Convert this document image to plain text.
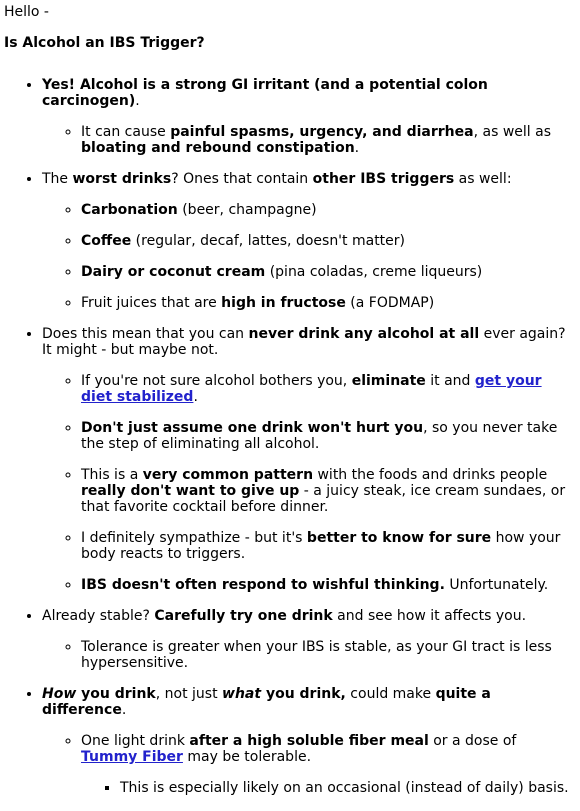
Hello -

Is Alcohol an IBS Trigger?

• Yes! Alcohol is a strong GI irritant (and a potential colon carcinogen).
◦ It can cause painful spasms, urgency, and diarrhea, as well as bloating and rebound constipation.
• The worst drinks? Ones that contain other IBS triggers as well:
◦ Carbonation (beer, champagne)
◦ Coffee (regular, decaf, lattes, doesn't matter)
◦ Dairy or coconut cream (pina coladas, creme liqueurs)
◦ Fruit juices that are high in fructose (a FODMAP)
• Does this mean that you can never drink any alcohol at all ever again? It might - but maybe not.
◦ If you're not sure alcohol bothers you, eliminate it and get your diet stabilized.
◦ Don't just assume one drink won't hurt you, so you never take the step of eliminating all alcohol.
◦ This is a very common pattern with the foods and drinks people really don't want to give up - a juicy steak, ice cream sundaes, or that favorite cocktail before dinner.
◦ I definitely sympathize - but it's better to know for sure how your body reacts to triggers.
◦ IBS doesn't often respond to wishful thinking. Unfortunately.
• Already stable? Carefully try one drink and see how it affects you.
◦ Tolerance is greater when your IBS is stable, as your GI tract is less hypersensitive.
• How you drink, not just what you drink, could make quite a difference.
◦ One light drink after a high soluble fiber meal or a dose of Tummy Fiber may be tolerable.
▪ This is especially likely on an occasional (instead of daily) basis.
